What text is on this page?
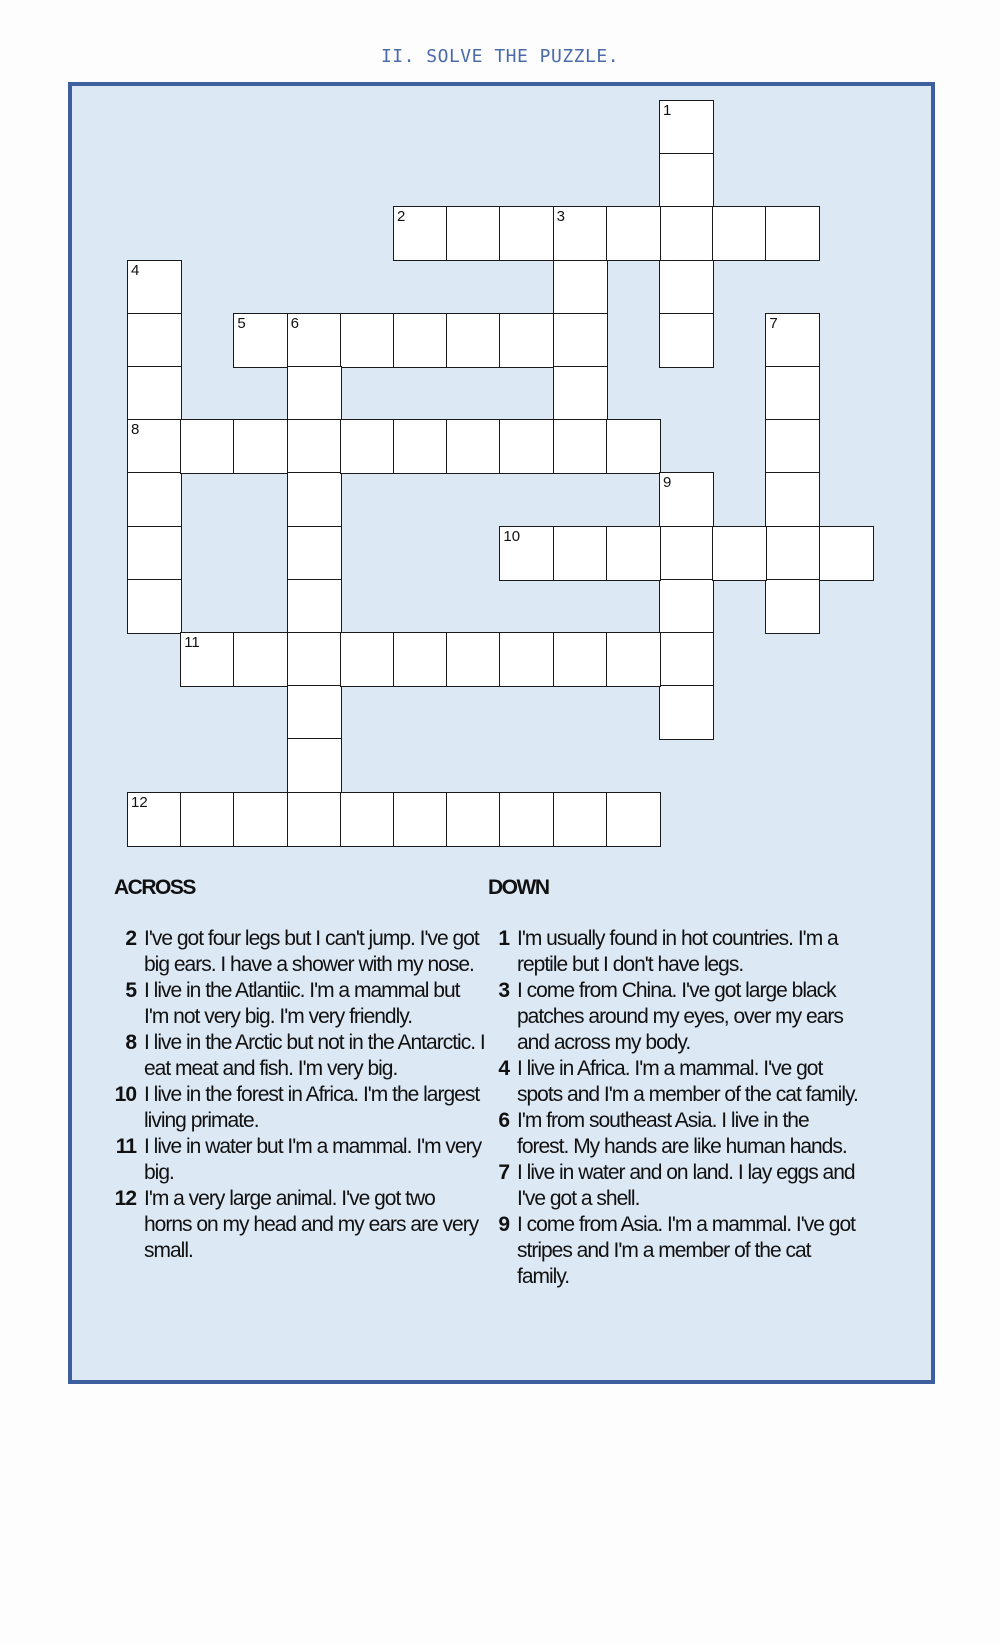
II. SOLVE THE PUZZLE.
1
2	3
4
8
5	6	7
9
10
11
12
ACROSS	DOWN
2 I've got four legs but I can't jump. I've got big ears. I have a shower with my nose.
5 I live in the Atlantiic. I'm a mammal but I'm not very big. I'm very friendly.
8 I live in the Arctic but not in the Antarctic. I eat meat and fish. I'm very big.
10 I live in the forest in Africa. I'm the largest living primate.
11 I live in water but I'm a mammal. I'm very big.
12 I'm a very large animal. I've got two horns on my head and my ears are very small.
1 I'm usually found in hot countries. I'm a reptile but I don't have legs.
3 I come from China. I've got large black patches around my eyes, over my ears and across my body.
4 I live in Africa. I'm a mammal. I've got spots and I'm a member of the cat family.
6 I'm from southeast Asia. I live in the forest. My hands are like human hands.
7 I live in water and on land. I lay eggs and I've got a shell.
9 I come from Asia. I'm a mammal. I've got stripes and I'm a member of the cat family.
